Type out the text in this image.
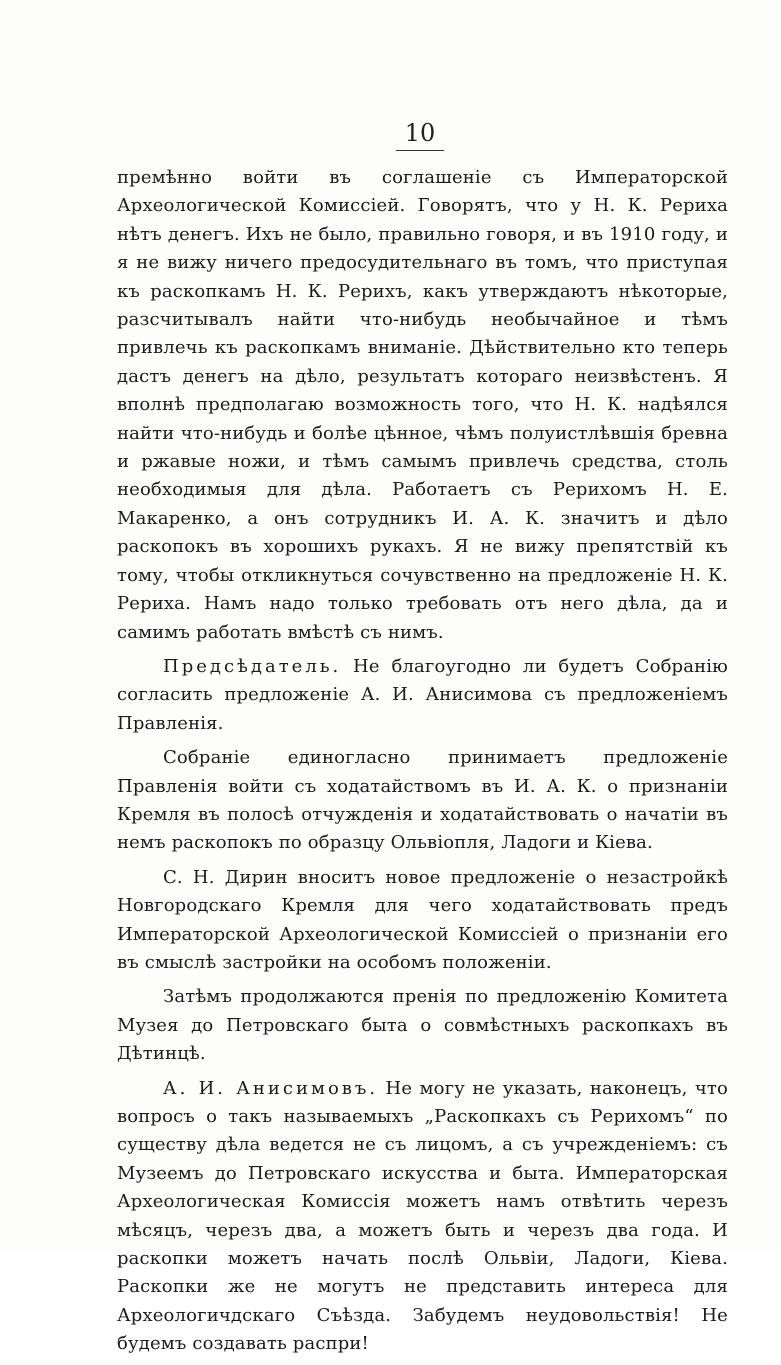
10

премѣнно войти въ соглашеніе съ Императорской Археологической Комиссіей. Говорятъ, что у Н. К. Рериха нѣтъ денегъ. Ихъ не было, правильно говоря, и въ 1910 году, и я не вижу ничего предосудительнаго въ томъ, что приступая къ раскопкамъ Н. К. Рерихъ, какъ утверждаютъ нѣкоторые, разсчитывалъ найти что-нибудь необычайное и тѣмъ привлечь къ раскопкамъ вниманіе. Дѣйствительно кто теперь дастъ денегъ на дѣло, результатъ котораго неизвѣстенъ. Я вполнѣ предполагаю возможность того, что Н. К. надѣялся найти что-нибудь и болѣе цѣнное, чѣмъ полуистлѣвшія бревна и ржавые ножи, и тѣмъ самымъ привлечь средства, столь необходимыя для дѣла. Работаетъ съ Рерихомъ Н. Е. Макаренко, а онъ сотрудникъ И. А. К. значитъ и дѣло раскопокъ въ хорошихъ рукахъ. Я не вижу препятствій къ тому, чтобы откликнуться сочувственно на предложеніе Н. К. Рериха. Намъ надо только требовать отъ него дѣла, да и самимъ работать вмѣстѣ съ нимъ.

Предсѣдатель. Не благоугодно ли будетъ Собранію согласить предложеніе А. И. Анисимова съ предложеніемъ Правленія.

Собраніе единогласно принимаетъ предложеніе Правленія войти съ ходатайствомъ въ И. А. К. о признаніи Кремля въ полосѣ отчужденія и ходатайствовать о начатіи въ немъ раскопокъ по образцу Ольвіопля, Ладоги и Кіева.

С. Н. Дирин вноситъ новое предложеніе о незастройкѣ Новгородскаго Кремля для чего ходатайствовать предъ Императорской Археологической Комиссіей о признаніи его въ смыслѣ застройки на особомъ положеніи.

Затѣмъ продолжаются пренія по предложенію Комитета Музея до Петровскаго быта о совмѣстныхъ раскопкахъ въ Дѣтинцѣ.

А. И. Анисимовъ. Не могу не указать, наконецъ, что вопросъ о такъ называемыхъ „Раскопкахъ съ Рерихомъ“ по существу дѣла ведется не съ лицомъ, а съ учрежденіемъ: съ Музеемъ до Петровскаго искусства и быта. Императорская Археологическая Комиссія можетъ намъ отвѣтить черезъ мѣсяцъ, черезъ два, а можетъ быть и черезъ два года. И раскопки можетъ начать послѣ Ольвіи, Ладоги, Кіева. Раскопки же не могутъ не представить интереса для Археологичдскаго Съѣзда. Забудемъ неудовольствія! Не будемъ создавать распри!
